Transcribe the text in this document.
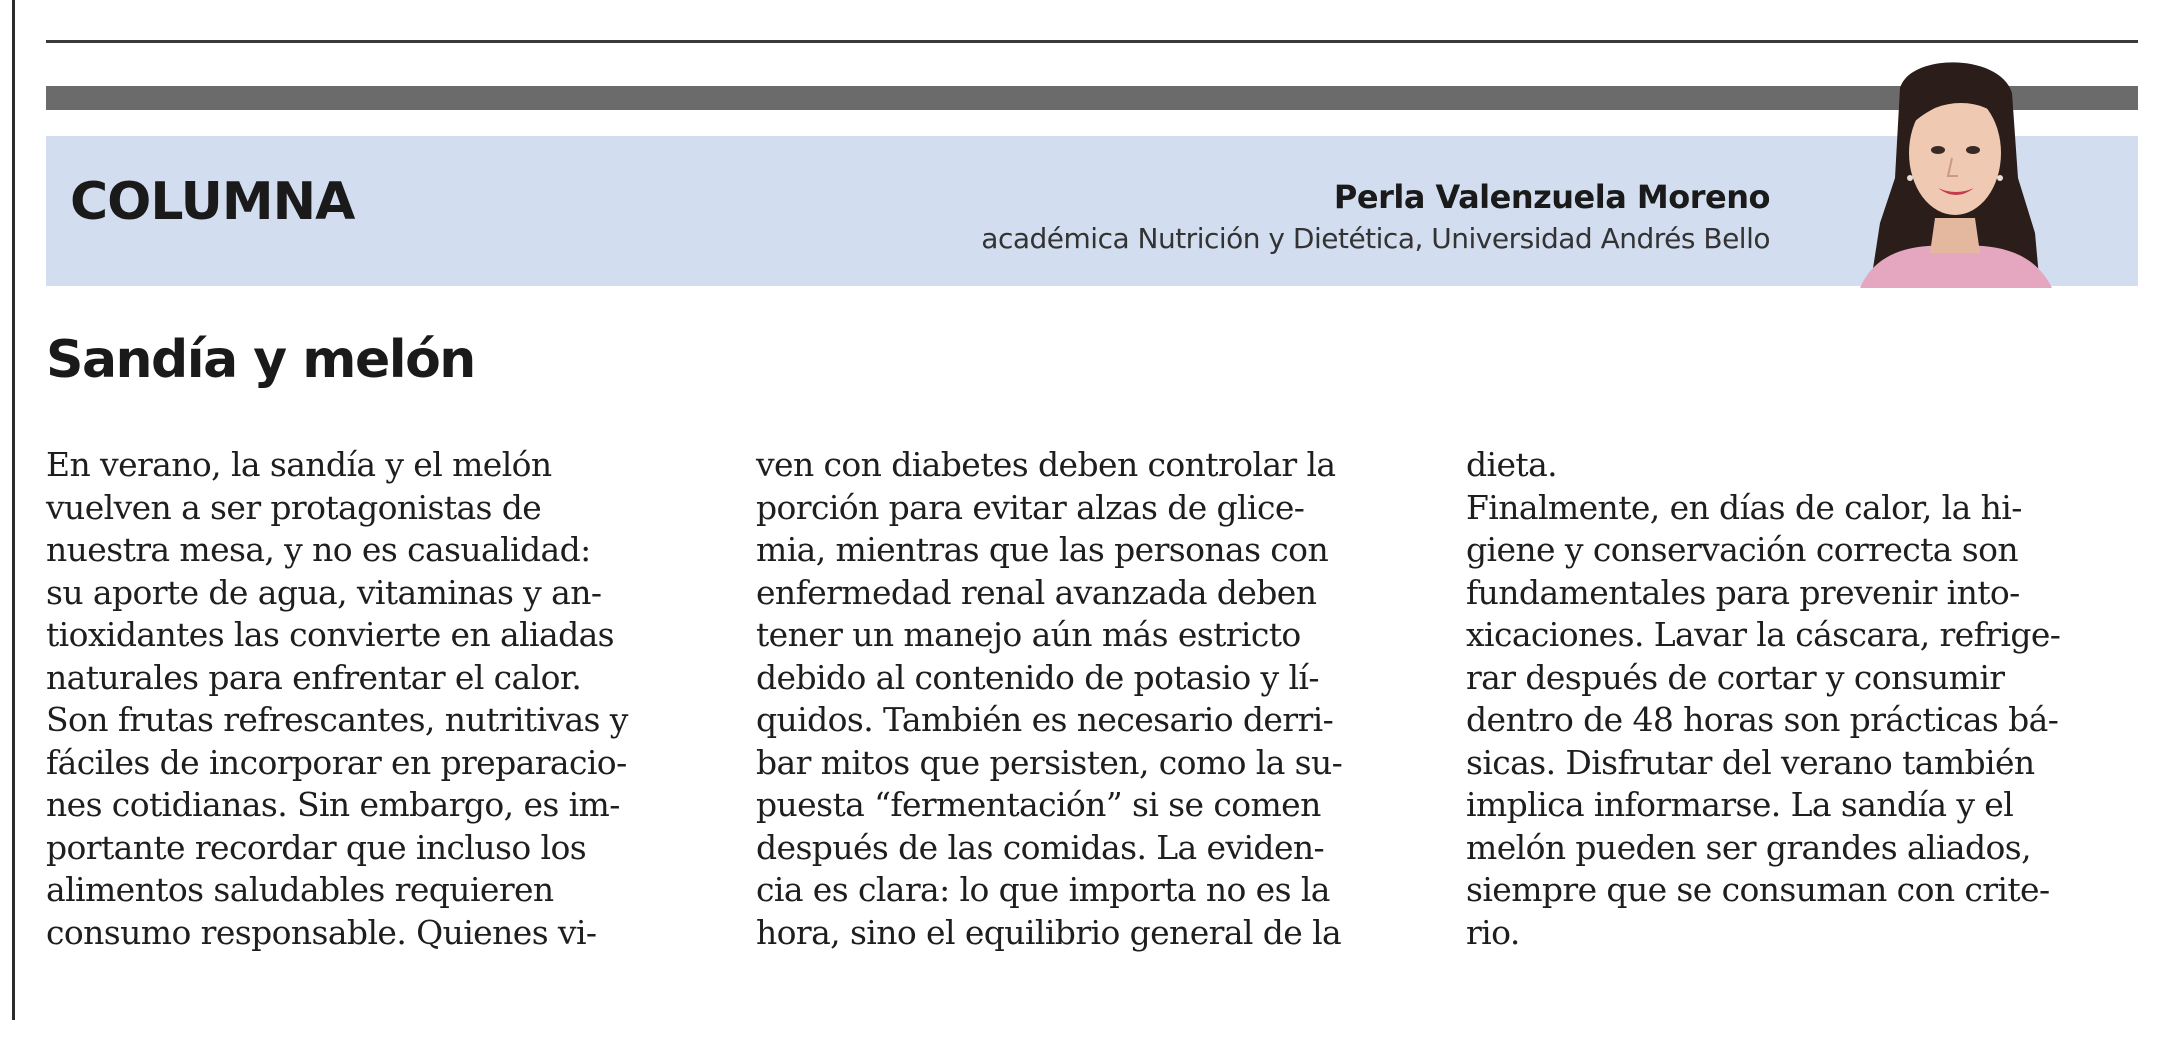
COLUMNA	Perla Valenzuela Moreno
académica Nutrición y Dietética, Universidad Andrés Bello
Sandía y melón
En verano, la sandía y el melón
vuelven a ser protagonistas de
nuestra mesa, y no es casualidad:
su aporte de agua, vitaminas y an-
tioxidantes las convierte en aliadas
naturales para enfrentar el calor.
Son frutas refrescantes, nutritivas y
fáciles de incorporar en preparacio-
nes cotidianas. Sin embargo, es im-
portante recordar que incluso los
alimentos saludables requieren
consumo responsable. Quienes vi-
ven con diabetes deben controlar la
porción para evitar alzas de glice-
mia, mientras que las personas con
enfermedad renal avanzada deben
tener un manejo aún más estricto
debido al contenido de potasio y lí-
quidos. También es necesario derri-
bar mitos que persisten, como la su-
puesta “fermentación” si se comen
después de las comidas. La eviden-
cia es clara: lo que importa no es la
hora, sino el equilibrio general de la
dieta.
Finalmente, en días de calor, la hi-
giene y conservación correcta son
fundamentales para prevenir into-
xicaciones. Lavar la cáscara, refrige-
rar después de cortar y consumir
dentro de 48 horas son prácticas bá-
sicas. Disfrutar del verano también
implica informarse. La sandía y el
melón pueden ser grandes aliados,
siempre que se consuman con crite-
rio.
